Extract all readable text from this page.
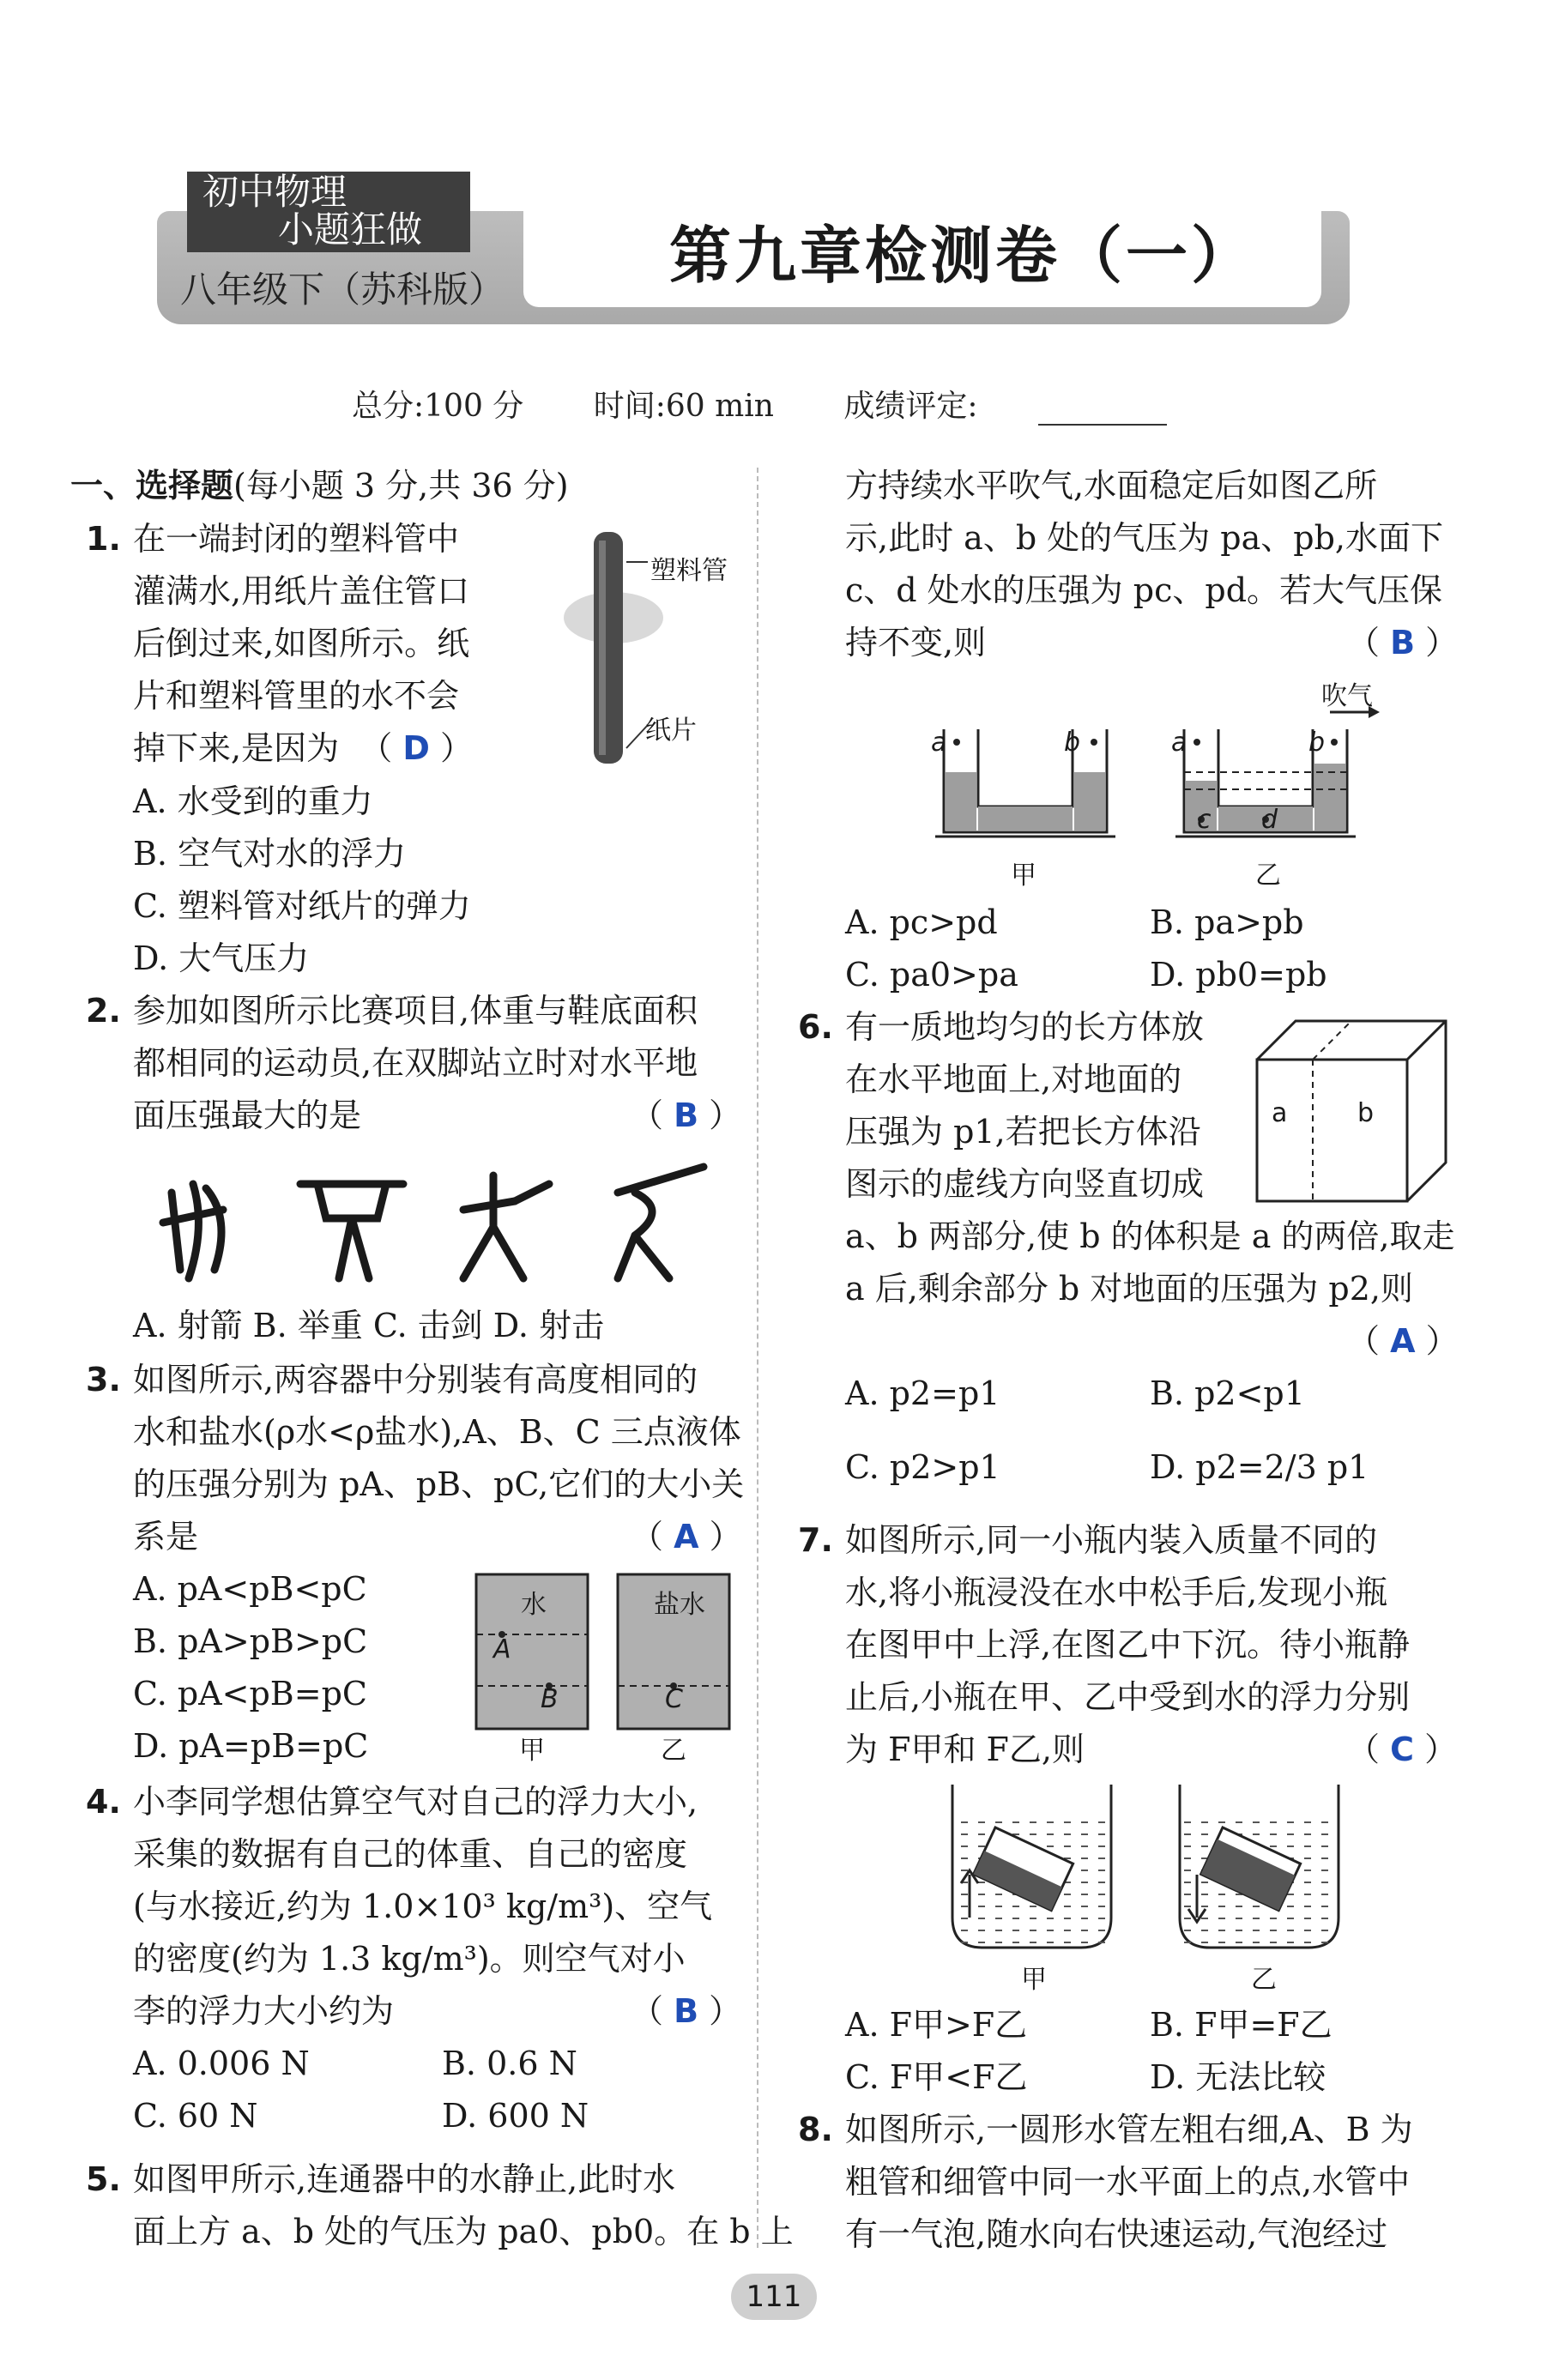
初中物理
小题狂做
八年级下（苏科版）	第九章检测卷（一）
总分:100 分 时间:60 min 成绩评定:
一、选择题(每小题 3 分,共 36 分)
1. 在一端封闭的塑料管中
灌满水,用纸片盖住管口
后倒过来,如图所示。纸
片和塑料管里的水不会
掉下来,是因为  （ D ）
塑料管
纸片
A. 水受到的重力
B. 空气对水的浮力
C. 塑料管对纸片的弹力
D. 大气压力
2. 参加如图所示比赛项目,体重与鞋底面积
都相同的运动员,在双脚站立时对水平地
面压强最大的是	（ B ）
A. 射箭 B. 举重 C. 击剑 D. 射击
3. 如图所示,两容器中分别装有高度相同的
水和盐水(ρ水<ρ盐水),A、B、C 三点液体
的压强分别为 pA、pB、pC,它们的大小关
系是	（ A ）
A. pA<pB<pC
B. pA>pB>pC
C. pA<pB=pC
D. pA=pB=pC
水	盐水
A
B	C
甲	乙
4. 小李同学想估算空气对自己的浮力大小,
采集的数据有自己的体重、自己的密度
(与水接近,约为 1.0×10³ kg/m³)、空气
的密度(约为 1.3 kg/m³)。则空气对小
李的浮力大小约为	（ B ）
A. 0.006 N	B. 0.6 N
C. 60 N	D. 600 N
5. 如图甲所示,连通器中的水静止,此时水
面上方 a、b 处的气压为 pa0、pb0。在 b 上
方持续水平吹气,水面稳定后如图乙所
示,此时 a、b 处的气压为 pa、pb,水面下
c、d 处水的压强为 pc、pd。若大气压保
持不变,则	（ B ）
吹气
a	b	a	b
c d
甲	乙
A. pc>pd	B. pa>pb
C. pa0>pa	D. pb0=pb
6. 有一质地均匀的长方体放
在水平地面上,对地面的
压强为 p1,若把长方体沿
图示的虚线方向竖直切成
a	b
a、b 两部分,使 b 的体积是 a 的两倍,取走
a 后,剩余部分 b 对地面的压强为 p2,则
（ A ）
A. p2=p1	B. p2<p1
C. p2>p1	D. p2=2/3 p1
7. 如图所示,同一小瓶内装入质量不同的
水,将小瓶浸没在水中松手后,发现小瓶
在图甲中上浮,在图乙中下沉。待小瓶静
止后,小瓶在甲、乙中受到水的浮力分别
为 F甲和 F乙,则	（ C ）
甲	乙
A. F甲>F乙	B. F甲=F乙
C. F甲<F乙	D. 无法比较
8. 如图所示,一圆形水管左粗右细,A、B 为
粗管和细管中同一水平面上的点,水管中
有一气泡,随水向右快速运动,气泡经过
111
